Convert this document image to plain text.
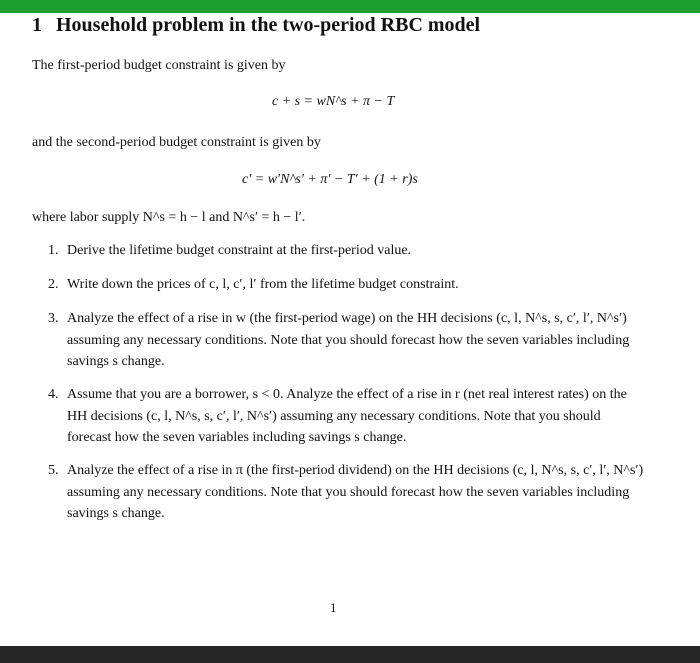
1 Household problem in the two-period RBC model

The first-period budget constraint is given by

c + s = wN^s + π − T

and the second-period budget constraint is given by

c′ = w′N^s′ + π′ − T′ + (1 + r)s

where labor supply N^s = h − l and N^s′ = h − l′.

1. Derive the lifetime budget constraint at the first-period value.
2. Write down the prices of c, l, c′, l′ from the lifetime budget constraint.
3. Analyze the effect of a rise in w (the first-period wage) on the HH decisions (c, l, N^s, s, c′, l′, N^s′) assuming any necessary conditions. Note that you should forecast how the seven variables including savings s change.
4. Assume that you are a borrower, s < 0. Analyze the effect of a rise in r (net real interest rates) on the HH decisions (c, l, N^s, s, c′, l′, N^s′) assuming any necessary conditions. Note that you should forecast how the seven variables including savings s change.
5. Analyze the effect of a rise in π (the first-period dividend) on the HH decisions (c, l, N^s, s, c′, l′, N^s′) assuming any necessary conditions. Note that you should forecast how the seven variables including savings s change.
1
